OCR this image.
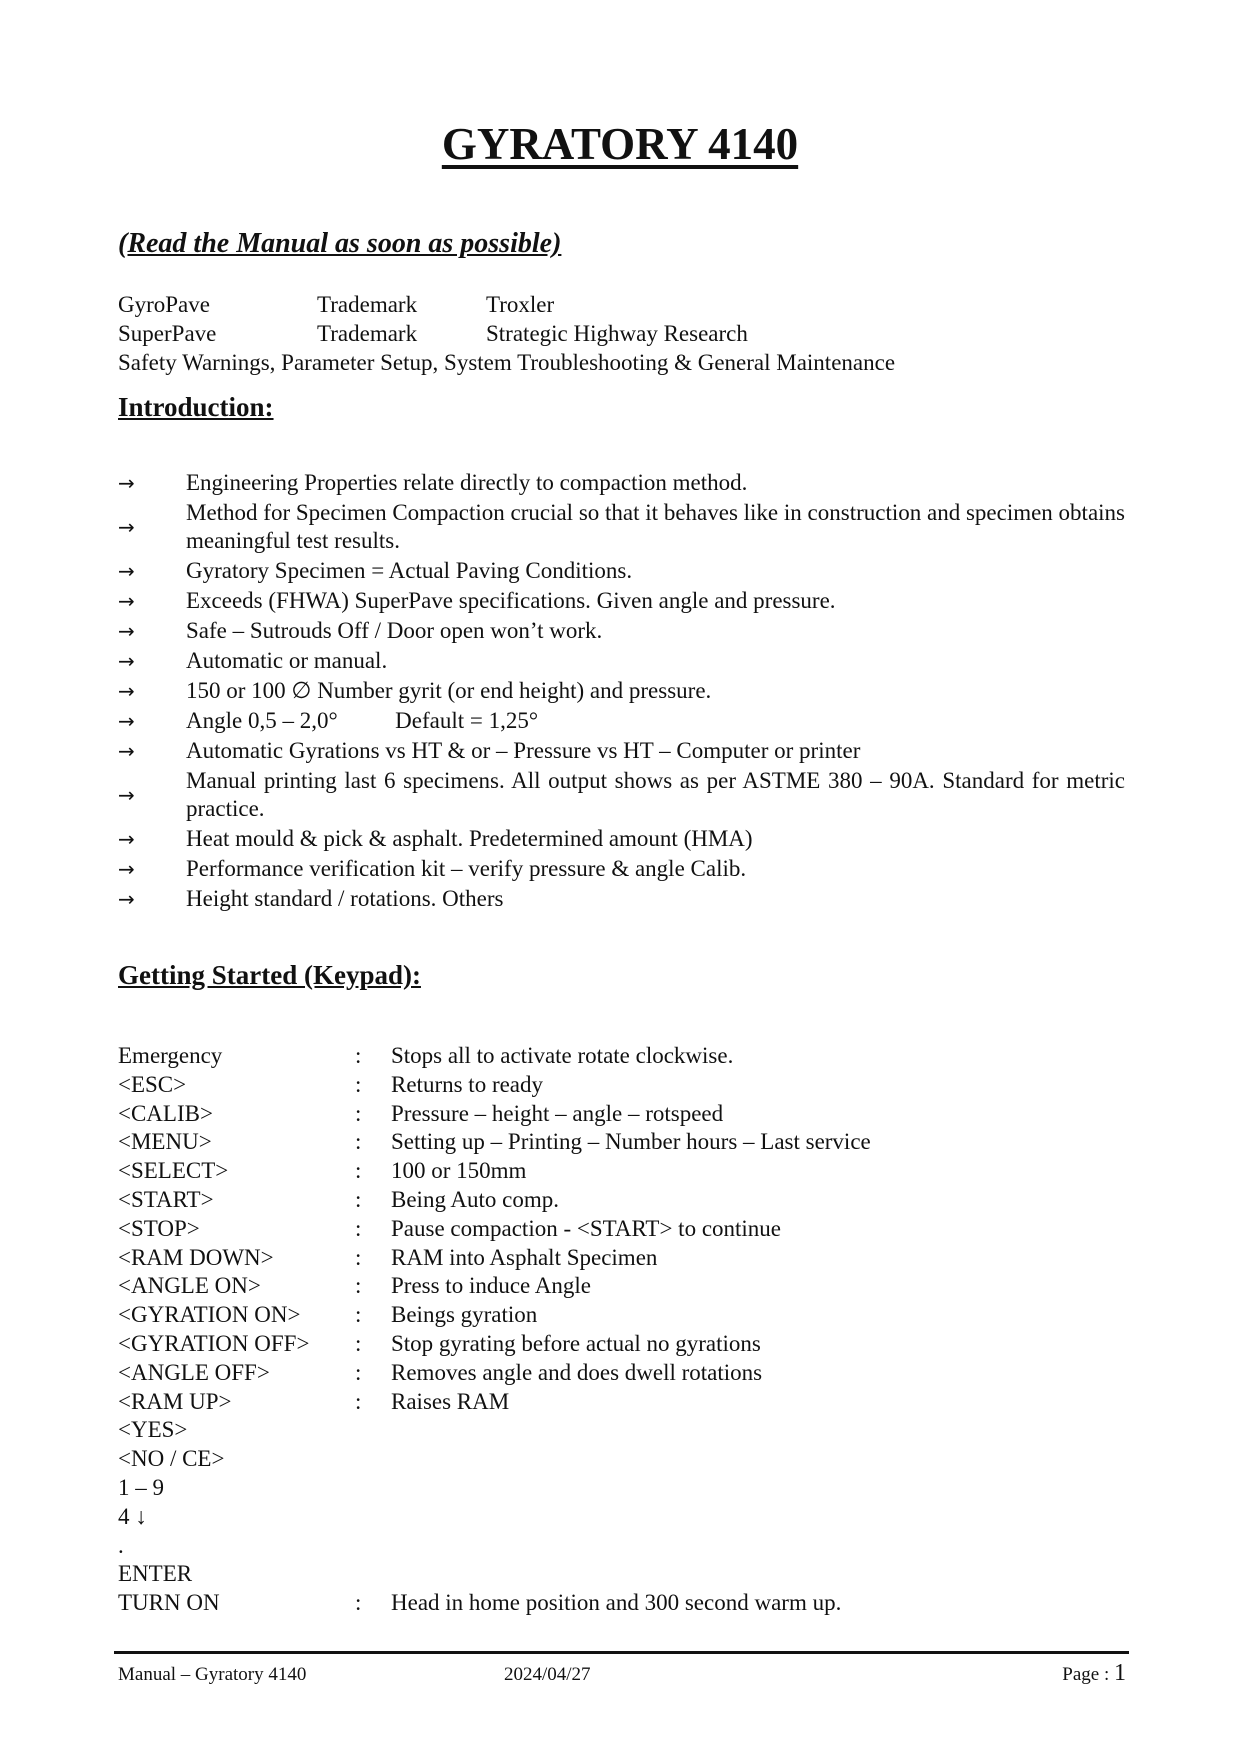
GYRATORY 4140

(Read the Manual as soon as possible)

GyroPave	Trademark	Troxler
SuperPave	Trademark	Strategic Highway Research
Safety Warnings, Parameter Setup, System Troubleshooting & General Maintenance
Introduction:
→	Engineering Properties relate directly to compaction method.
→
Method for Specimen Compaction crucial so that it behaves like in construction and specimen obtains meaningful test results.
→	Gyratory Specimen = Actual Paving Conditions.
→	Exceeds (FHWA) SuperPave specifications. Given angle and pressure.
→	Safe – Sutrouds Off / Door open won’t work.
→	Automatic or manual.
→	150 or 100 ∅ Number gyrit (or end height) and pressure.
→	Angle 0,5 – 2,0°          Default = 1,25°
→	Automatic Gyrations vs HT & or – Pressure vs HT – Computer or printer
→
Manual printing last 6 specimens. All output shows as per ASTME 380 – 90A. Standard for metric practice.
→	Heat mould & pick & asphalt. Predetermined amount (HMA)
→	Performance verification kit – verify pressure & angle Calib.
→	Height standard / rotations. Others
Getting Started (Keypad):
Emergency	:	Stops all to activate rotate clockwise.
<ESC>	:	Returns to ready
<CALIB>	:	Pressure – height – angle – rotspeed
<MENU>	:	Setting up – Printing – Number hours – Last service
<SELECT>	:	100 or 150mm
<START>	:	Being Auto comp.
<STOP>	:	Pause compaction - <START> to continue
<RAM DOWN>	:	RAM into Asphalt Specimen
<ANGLE ON>	:	Press to induce Angle
<GYRATION ON>	:	Beings gyration
<GYRATION OFF>	:	Stop gyrating before actual no gyrations
<ANGLE OFF>	:	Removes angle and does dwell rotations
<RAM UP>	:	Raises RAM
<YES>
<NO / CE>
1 – 9
4 ↓
.
ENTER
TURN ON	:	Head in home position and 300 second warm up.
Manual – Gyratory 4140	2024/04/27	Page : 1
